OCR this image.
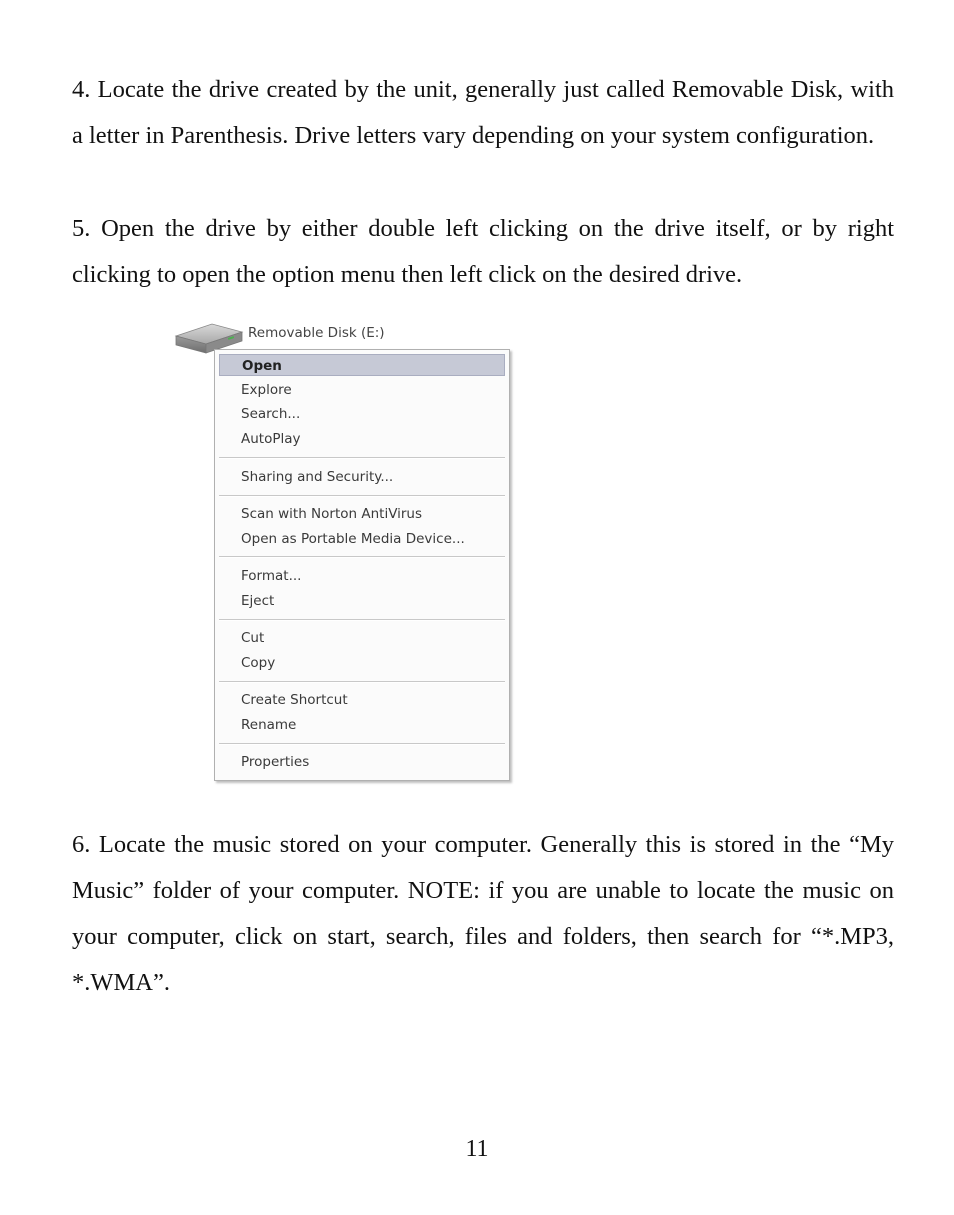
4. Locate the drive created by the unit, generally just called Removable Disk, with a letter in Parenthesis. Drive letters vary depending on your system configuration.

5. Open the drive by either double left clicking on the drive itself, or by right clicking to open the option menu then left click on the desired drive.

Removable Disk (E:)
Open
Explore
Search...
AutoPlay
Sharing and Security...
Scan with Norton AntiVirus
Open as Portable Media Device...
Format...
Eject
Cut
Copy
Create Shortcut
Rename
Properties

6. Locate the music stored on your computer. Generally this is stored in the “My Music” folder of your computer. NOTE: if you are unable to locate the music on your computer, click on start, search, files and folders, then search for “*.MP3, *.WMA”.

11
